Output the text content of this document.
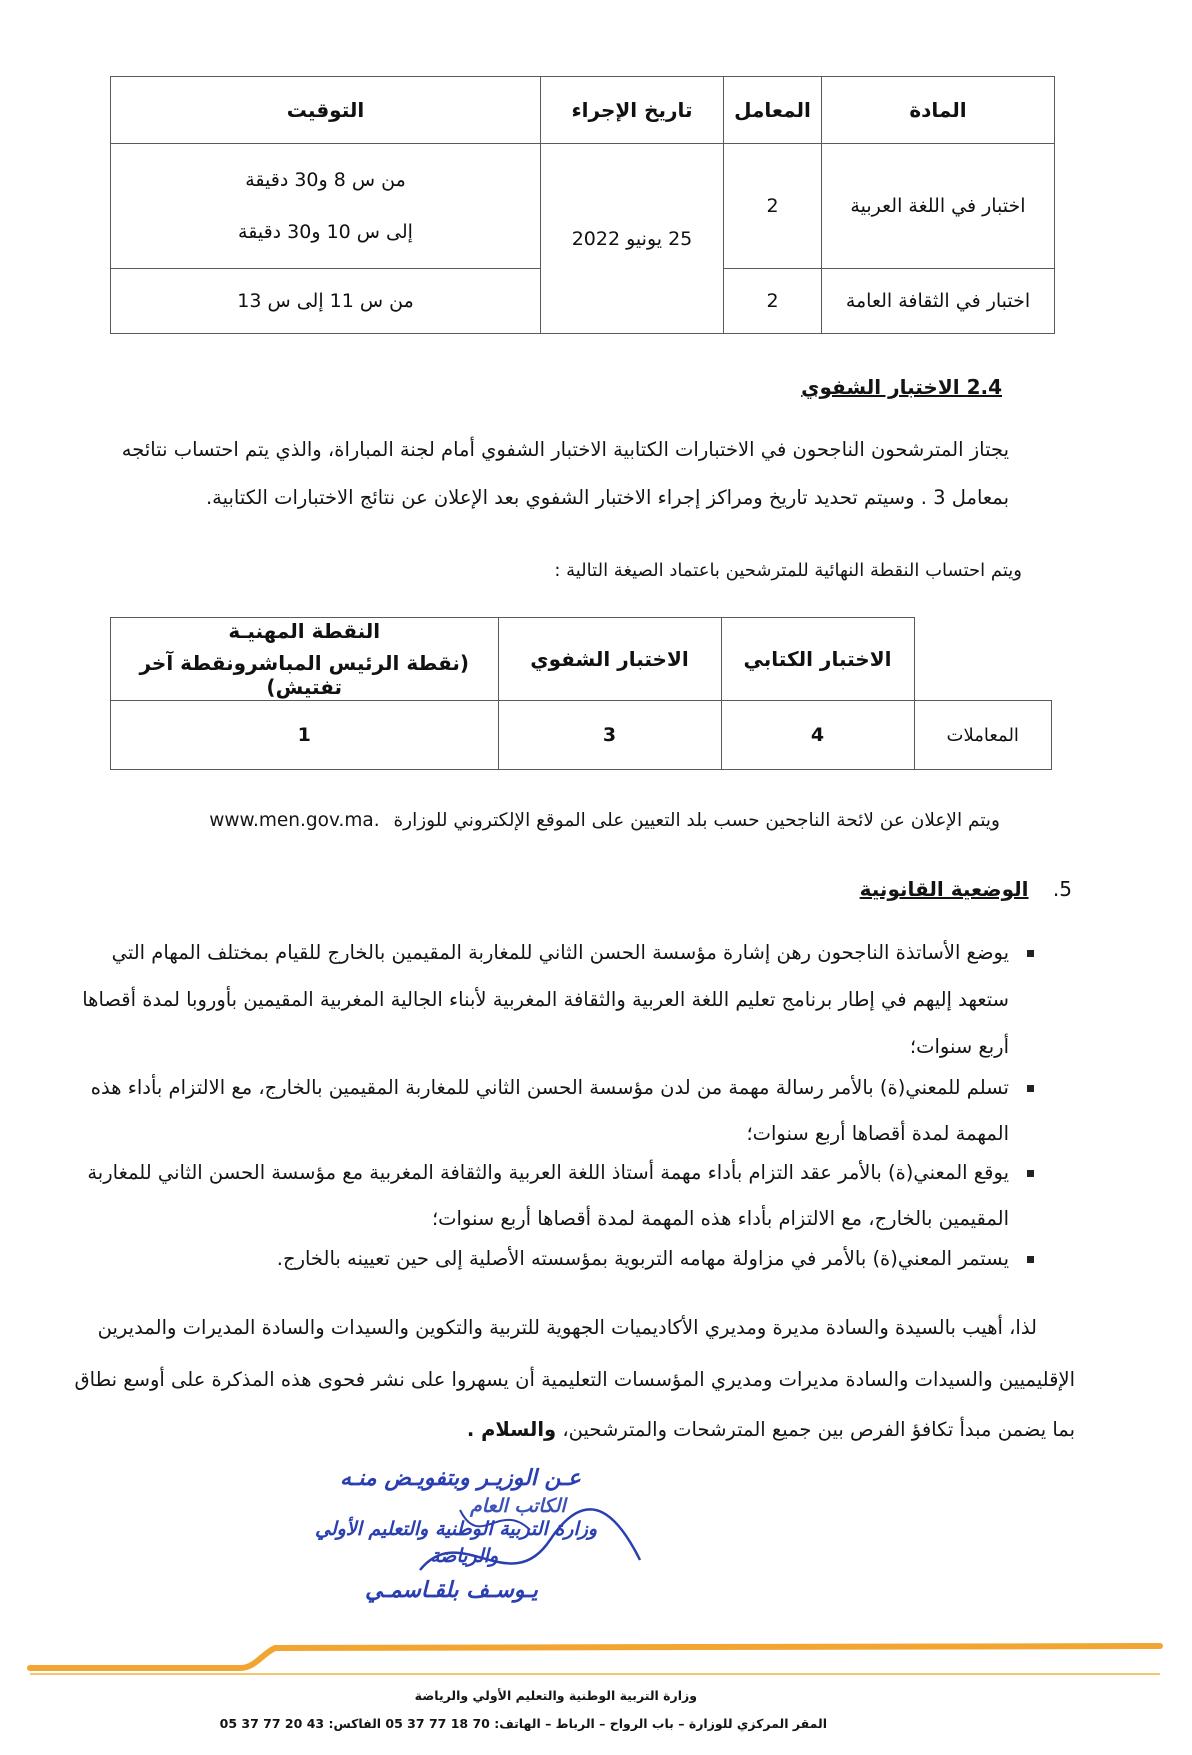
المادة	المعامل	تاريخ الإجراء	التوقيت
اختبار في اللغة العربية	2	25 يونيو 2022	من س 8 و30 دقيقة
إلى س 10 و30 دقيقة

اختبار في الثقافة العامة	2		من س 11 إلى س 13
2.4 الاختبار الشفوي
يجتاز المترشحون الناجحون في الاختبارات الكتابية الاختبار الشفوي أمام لجنة المباراة، والذي يتم احتساب نتائجه
بمعامل 3 . وسيتم تحديد تاريخ ومراكز إجراء الاختبار الشفوي بعد الإعلان عن نتائج الاختبارات الكتابية.
ويتم احتساب النقطة النهائية للمترشحين باعتماد الصيغة التالية :
	الاختبار الكتابي	الاختبار الشفوي	النقطة المهنيـة
(نقطة الرئيس المباشرونقطة آخر تفتيش)

المعاملات	4	3	1
ويتم الإعلان عن لائحة الناجحين حسب بلد التعيين على الموقع الإلكتروني للوزارة www.men.gov.ma.
5. الوضعية القانونية
يوضع الأساتذة الناجحون رهن إشارة مؤسسة الحسن الثاني للمغاربة المقيمين بالخارج للقيام بمختلف المهام التي
ستعهد إليهم في إطار برنامج تعليم اللغة العربية والثقافة المغربية لأبناء الجالية المغربية المقيمين بأوروبا لمدة أقصاها
أربع سنوات؛
تسلم للمعني(ة) بالأمر رسالة مهمة من لدن مؤسسة الحسن الثاني للمغاربة المقيمين بالخارج، مع الالتزام بأداء هذه
المهمة لمدة أقصاها أربع سنوات؛
يوقع المعني(ة) بالأمر عقد التزام بأداء مهمة أستاذ اللغة العربية والثقافة المغربية مع مؤسسة الحسن الثاني للمغاربة
المقيمين بالخارج، مع الالتزام بأداء هذه المهمة لمدة أقصاها أربع سنوات؛
يستمر المعني(ة) بالأمر في مزاولة مهامه التربوية بمؤسسته الأصلية إلى حين تعيينه بالخارج.
لذا، أهيب بالسيدة والسادة مديرة ومديري الأكاديميات الجهوية للتربية والتكوين والسيدات والسادة المديرات والمديرين
الإقليميين والسيدات والسادة مديرات ومديري المؤسسات التعليمية أن يسهروا على نشر فحوى هذه المذكرة على أوسع نطاق
بما يضمن مبدأ تكافؤ الفرص بين جميع المترشحات والمترشحين، والسلام .
عـن الوزيـر وبتفويـض منـه
الكاتب العام
وزارة التربية الوطنية والتعليم الأولي
والرياضة
يـوسـف بلقـاسمـي
وزارة التربية الوطنية والتعليم الأولي والرياضة
المقر المركزي للوزارة – باب الرواح – الرباط – الهاتف: 70 18 77 37 05 الفاكس: 43 20 77 37 05
